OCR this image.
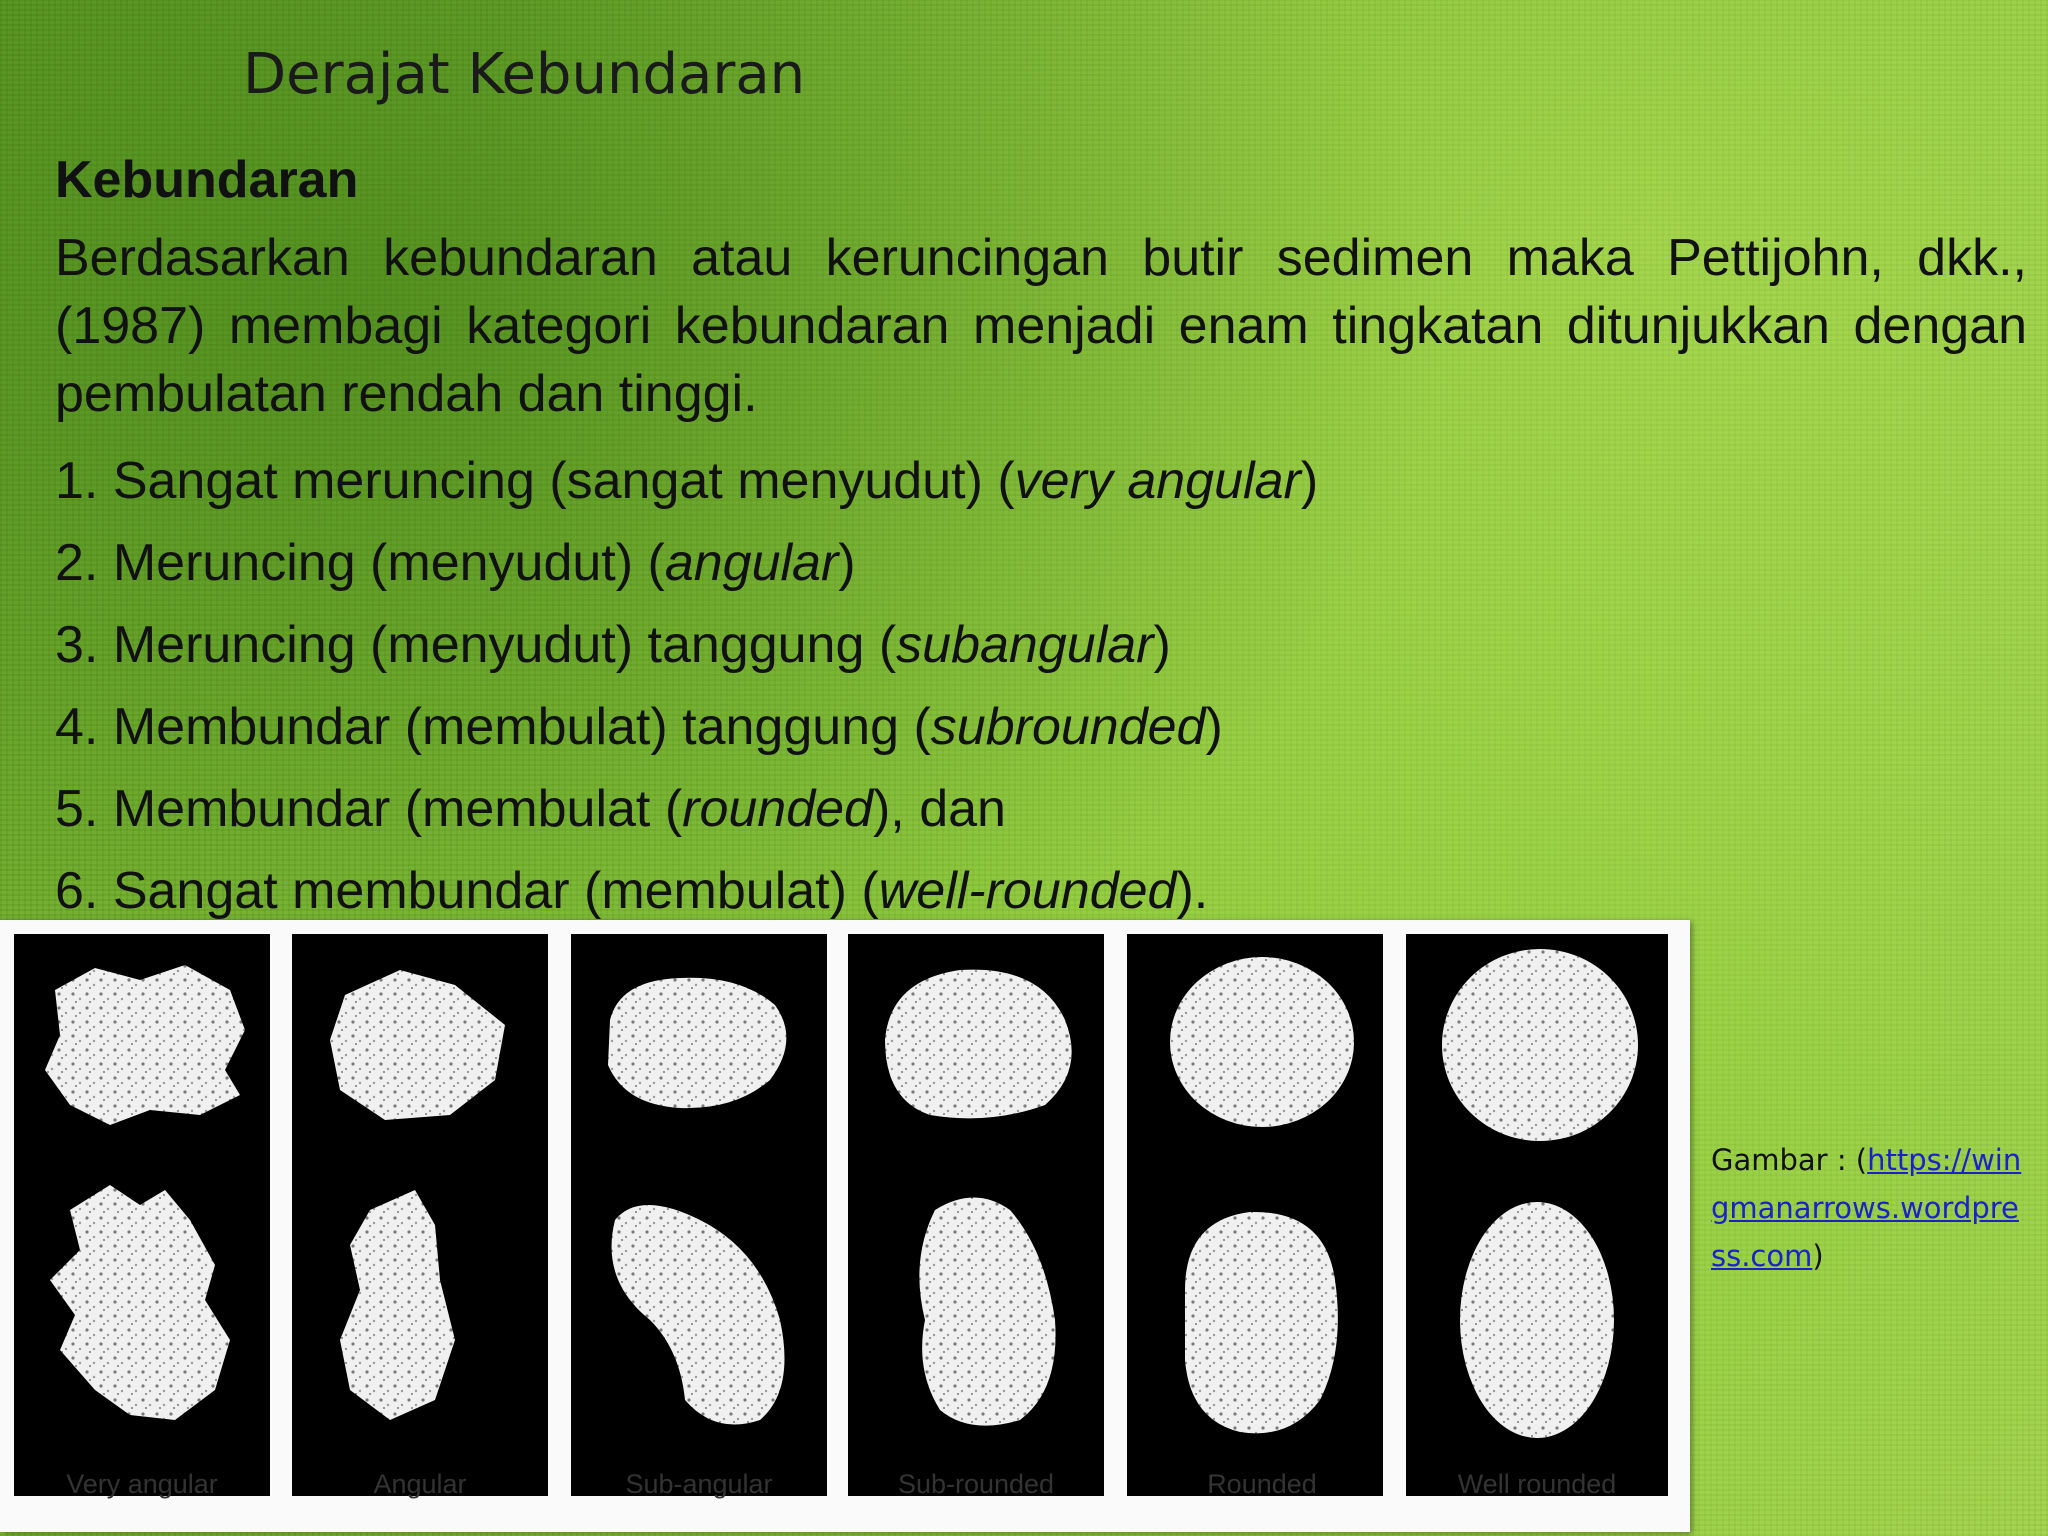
Derajat Kebundaran
Kebundaran

Berdasarkan kebundaran atau keruncingan butir sedimen maka Pettijohn, dkk., (1987) membagi kategori kebundaran menjadi enam tingkatan ditunjukkan dengan pembulatan rendah dan tinggi.

1. Sangat meruncing (sangat menyudut) (very angular)
2. Meruncing (menyudut) (angular)
3. Meruncing (menyudut) tanggung (subangular)
4. Membundar (membulat) tanggung (subrounded)
5. Membundar (membulat (rounded), dan
6. Sangat membundar (membulat) (well-rounded).
Very angular	Angular	Sub-angular	Sub-rounded	Rounded	Well rounded
Gambar : (https://wingmanarrows.wordpress.com)
